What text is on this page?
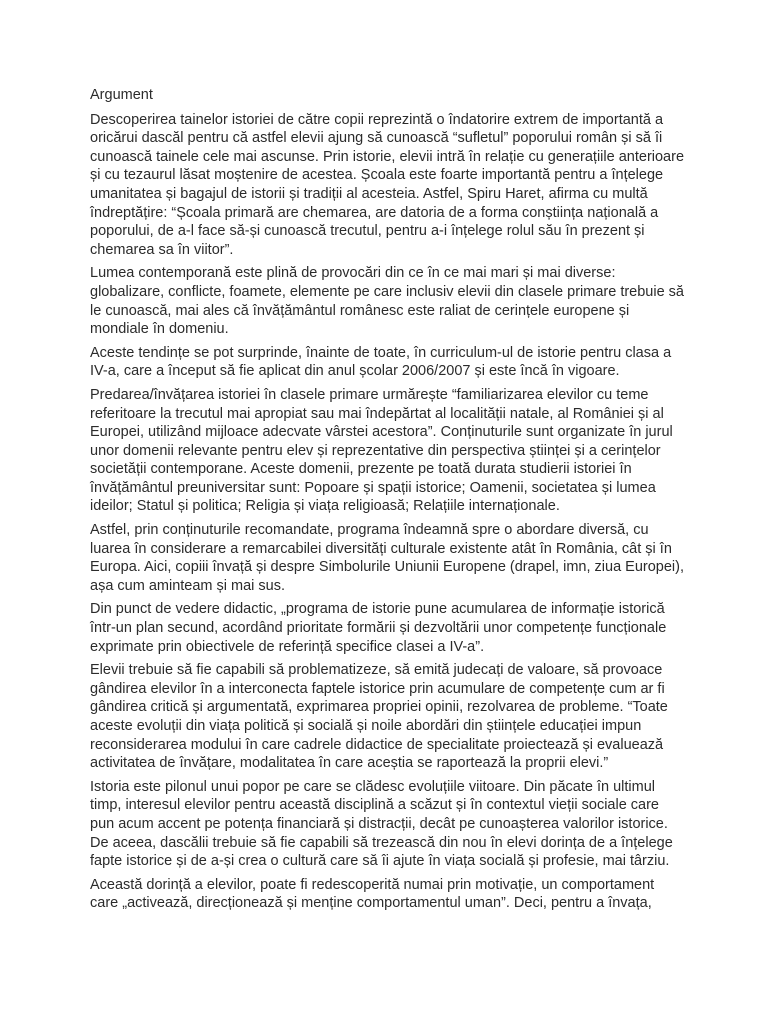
Argument

Descoperirea tainelor istoriei de către copii reprezintă o îndatorire extrem de importantă a oricărui dascăl pentru că astfel elevii ajung să cunoască “sufletul” poporului român și să îi cunoască tainele cele mai ascunse. Prin istorie, elevii intră în relație cu generațiile anterioare și cu tezaurul lăsat moștenire de acestea. Școala este foarte importantă pentru a înțelege umanitatea și bagajul de istorii și tradiții al acesteia. Astfel, Spiru Haret, afirma cu multă îndreptățire: “Școala primară are chemarea, are datoria de a forma conștiința națională a poporului, de a-l face să-și cunoască trecutul, pentru a-i înțelege rolul său în prezent și chemarea sa în viitor”.

Lumea contemporană este plină de provocări din ce în ce mai mari și mai diverse: globalizare, conflicte, foamete, elemente pe care inclusiv elevii din clasele primare trebuie să le cunoască, mai ales că învățământul românesc este raliat de cerințele europene și mondiale în domeniu.

Aceste tendințe se pot surprinde, înainte de toate, în curriculum-ul de istorie pentru clasa a IV-a, care a început să fie aplicat din anul școlar 2006/2007 și este încă în vigoare.

Predarea/învățarea istoriei în clasele primare urmărește “familiarizarea elevilor cu teme referitoare la trecutul mai apropiat sau mai îndepărtat al localității natale, al României și al Europei, utilizând mijloace adecvate vârstei acestora”. Conținuturile sunt organizate în jurul unor domenii relevante pentru elev și reprezentative din perspectiva științei și a cerințelor societății contemporane. Aceste domenii, prezente pe toată durata studierii istoriei în învățământul preuniversitar sunt: Popoare și spații istorice; Oamenii, societatea și lumea ideilor; Statul și politica; Religia și viața religioasă; Relațiile internaționale.

Astfel, prin conținuturile recomandate, programa îndeamnă spre o abordare diversă, cu luarea în considerare a remarcabilei diversități culturale existente atât în România, cât și în Europa. Aici, copiii învață și despre Simbolurile Uniunii Europene (drapel, imn, ziua Europei), așa cum aminteam și mai sus.

Din punct de vedere didactic, „programa de istorie pune acumularea de informație istorică într-un plan secund, acordând prioritate formării și dezvoltării unor competențe funcționale exprimate prin obiectivele de referință specifice clasei a IV-a”.

Elevii trebuie să fie capabili să problematizeze, să emită judecați de valoare, să provoace gândirea elevilor în a interconecta faptele istorice prin acumulare de competențe cum ar fi gândirea critică și argumentată, exprimarea propriei opinii, rezolvarea de probleme. “Toate aceste evoluții din viața politică și socială și noile abordări din științele educației impun reconsiderarea modului în care cadrele didactice de specialitate proiectează și evaluează activitatea de învățare, modalitatea în care aceștia se raportează la proprii elevi.”

Istoria este pilonul unui popor pe care se clădesc evoluțiile viitoare. Din păcate în ultimul timp, interesul elevilor pentru această disciplină a scăzut și în contextul vieții sociale care pun acum accent pe potența financiară și distracții, decât pe cunoașterea valorilor istorice. De aceea, dascălii trebuie să fie capabili să trezească din nou în elevi dorința de a înțelege fapte istorice și de a-și crea o cultură care să îi ajute în viața socială și profesie, mai târziu.

Această dorință a elevilor, poate fi redescoperită numai prin motivație, un comportament care „activează, direcționează și menține comportamentul uman”. Deci, pentru a învața,
